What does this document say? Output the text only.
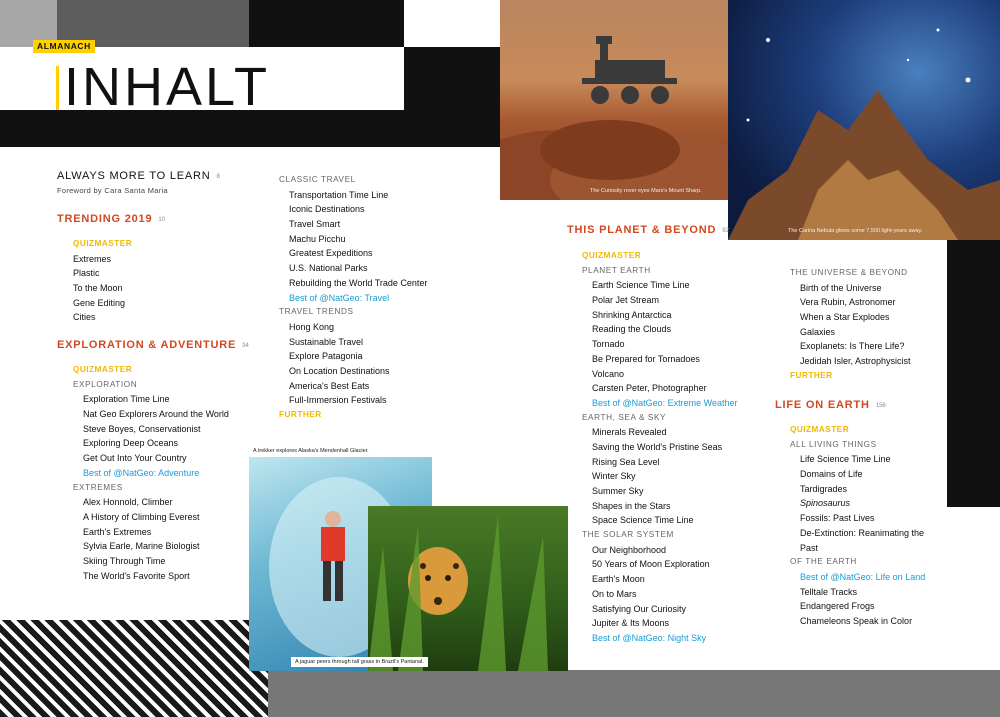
ALMANACH
INHALT
The Curiosity rover eyes Mars's Mount Sharp.
The Carina Nebula glows some 7,500 light-years away.
A trekker explores Alaska's Mendenhall Glacier.
A jaguar peers through tall grass in Brazil's Pantanal.
ALWAYS MORE TO LEARN 8
Foreword by Cara Santa Maria
TRENDING 2019 10
QUIZMASTER
Extremes
Plastic
To the Moon
Gene Editing
Cities
EXPLORATION & ADVENTURE 34
QUIZMASTER
EXPLORATION
Exploration Time Line
Nat Geo Explorers Around the World
Steve Boyes, Conservationist
Exploring Deep Oceans
Get Out Into Your Country
Best of @NatGeo: Adventure
EXTREMES
Alex Honnold, Climber
A History of Climbing Everest
Earth's Extremes
Sylvia Earle, Marine Biologist
Skiing Through Time
The World's Favorite Sport
CLASSIC TRAVEL
Transportation Time Line
Iconic Destinations
Travel Smart
Machu Picchu
Greatest Expeditions
U.S. National Parks
Rebuilding the World Trade Center
Best of @NatGeo: Travel
TRAVEL TRENDS
Hong Kong
Sustainable Travel
Explore Patagonia
On Location Destinations
America's Best Eats
Full-Immersion Festivals
FURTHER
THIS PLANET & BEYOND 92
QUIZMASTER
PLANET EARTH
Earth Science Time Line
Polar Jet Stream
Shrinking Antarctica
Reading the Clouds
Tornado
Be Prepared for Tornadoes
Volcano
Carsten Peter, Photographer
Best of @NatGeo: Extreme Weather
EARTH, SEA & SKY
Minerals Revealed
Saving the World's Pristine Seas
Rising Sea Level
Winter Sky
Summer Sky
Shapes in the Stars
Space Science Time Line
THE SOLAR SYSTEM
Our Neighborhood
50 Years of Moon Exploration
Earth's Moon
On to Mars
Satisfying Our Curiosity
Jupiter & Its Moons
Best of @NatGeo: Night Sky
THE UNIVERSE & BEYOND
Birth of the Universe
Vera Rubin, Astronomer
When a Star Explodes
Galaxies
Exoplanets: Is There Life?
Jedidah Isler, Astrophysicist
FURTHER
LIFE ON EARTH 156
QUIZMASTER
ALL LIVING THINGS
Life Science Time Line
Domains of Life
Tardigrades
Spinosaurus
Fossils: Past Lives
De-Extinction: Reanimating the
Past
OF THE EARTH
Best of @NatGeo: Life on Land
Telltale Tracks
Endangered Frogs
Chameleons Speak in Color
